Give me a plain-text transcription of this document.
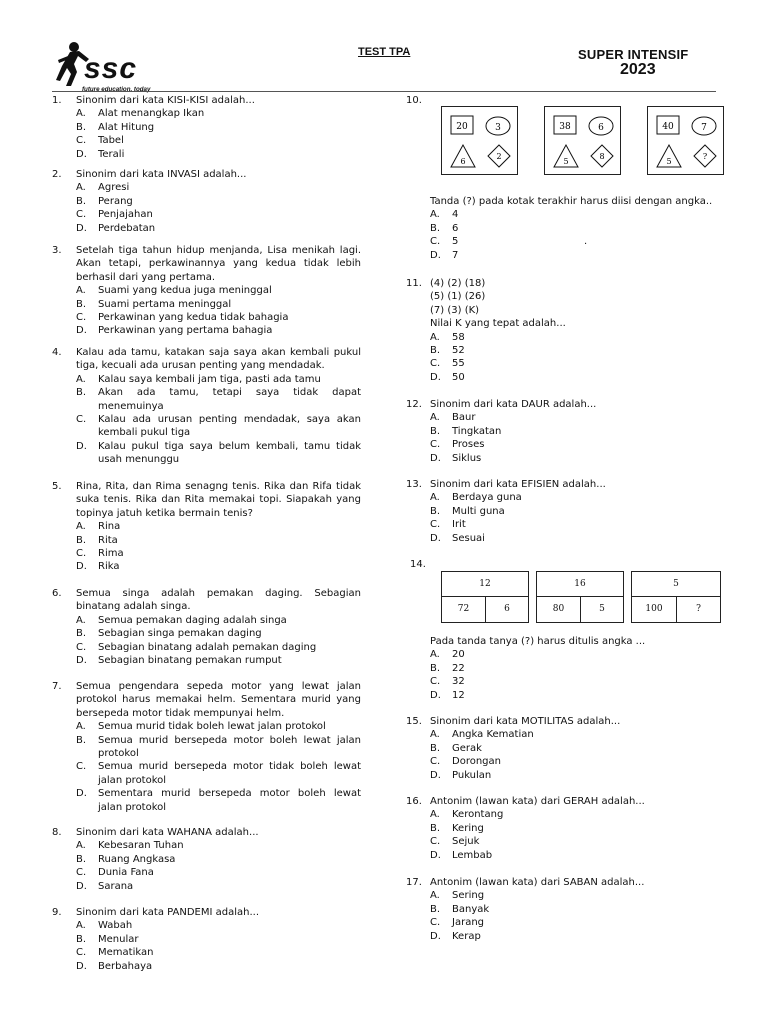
ssc
future education, today
TEST TPA	SUPER INTENSIF
2023
1. Sinonim dari kata KISI-KISI adalah...
A. Alat menangkap Ikan
B. Alat Hitung
C. Tabel
D. Terali
2. Sinonim dari kata INVASI adalah...
A. Agresi
B. Perang
C. Penjajahan
D. Perdebatan
3. Setelah tiga tahun hidup menjanda, Lisa menikah lagi. Akan tetapi, perkawinannya yang kedua tidak lebih berhasil dari yang pertama.
A. Suami yang kedua juga meninggal
B. Suami pertama meninggal
C. Perkawinan yang kedua tidak bahagia
D. Perkawinan yang pertama bahagia
4. Kalau ada tamu, katakan saja saya akan kembali pukul tiga, kecuali ada urusan penting yang mendadak.
A. Kalau saya kembali jam tiga, pasti ada tamu
B. Akan ada tamu, tetapi saya tidak dapat menemuinya
C. Kalau ada urusan penting mendadak, saya akan kembali pukul tiga
D. Kalau pukul tiga saya belum kembali, tamu tidak usah menunggu
5. Rina, Rita, dan Rima senagng tenis. Rika dan Rifa tidak suka tenis. Rika dan Rita memakai topi. Siapakah yang topinya jatuh ketika bermain tenis?
A. Rina
B. Rita
C. Rima
D. Rika
6. Semua singa adalah pemakan daging. Sebagian binatang adalah singa.
A. Semua pemakan daging adalah singa
B. Sebagian singa pemakan daging
C. Sebagian binatang adalah pemakan daging
D. Sebagian binatang pemakan rumput
7. Semua pengendara sepeda motor yang lewat jalan protokol harus memakai helm. Sementara murid yang bersepeda motor tidak mempunyai helm.
A. Semua murid tidak boleh lewat jalan protokol
B. Semua murid bersepeda motor boleh lewat jalan protokol
C. Semua murid bersepeda motor tidak boleh lewat jalan protokol
D. Sementara murid bersepeda motor boleh lewat jalan protokol
8. Sinonim dari kata WAHANA adalah...
A. Kebesaran Tuhan
B. Ruang Angkasa
C. Dunia Fana
D. Sarana
9. Sinonim dari kata PANDEMI adalah...
A. Wabah
B. Menular
C. Mematikan
D. Berbahaya
10.
20	3
6
2
38	6
5
8
40	7
5
?
Tanda (?) pada kotak terakhir harus diisi dengan angka..
A. 4
B. 6
C. 5
D. 7
.
11. (4) (2) (18)
(5) (1) (26)
(7) (3) (K)
Nilai K yang tepat adalah...
A. 58
B. 52
C. 55
D. 50
12. Sinonim dari kata DAUR adalah...
A. Baur
B. Tingkatan
C. Proses
D. Siklus
13. Sinonim dari kata EFISIEN adalah...
A. Berdaya guna
B. Multi guna
C. Irit
D. Sesuai
14.
12
72	6
16
80	5
5
100	?
Pada tanda tanya (?) harus ditulis angka ...
A. 20
B. 22
C. 32
D. 12
15. Sinonim dari kata MOTILITAS adalah...
A. Angka Kematian
B. Gerak
C. Dorongan
D. Pukulan
16. Antonim (lawan kata) dari GERAH adalah...
A. Kerontang
B. Kering
C. Sejuk
D. Lembab
17. Antonim (lawan kata) dari SABAN adalah...
A. Sering
B. Banyak
C. Jarang
D. Kerap
